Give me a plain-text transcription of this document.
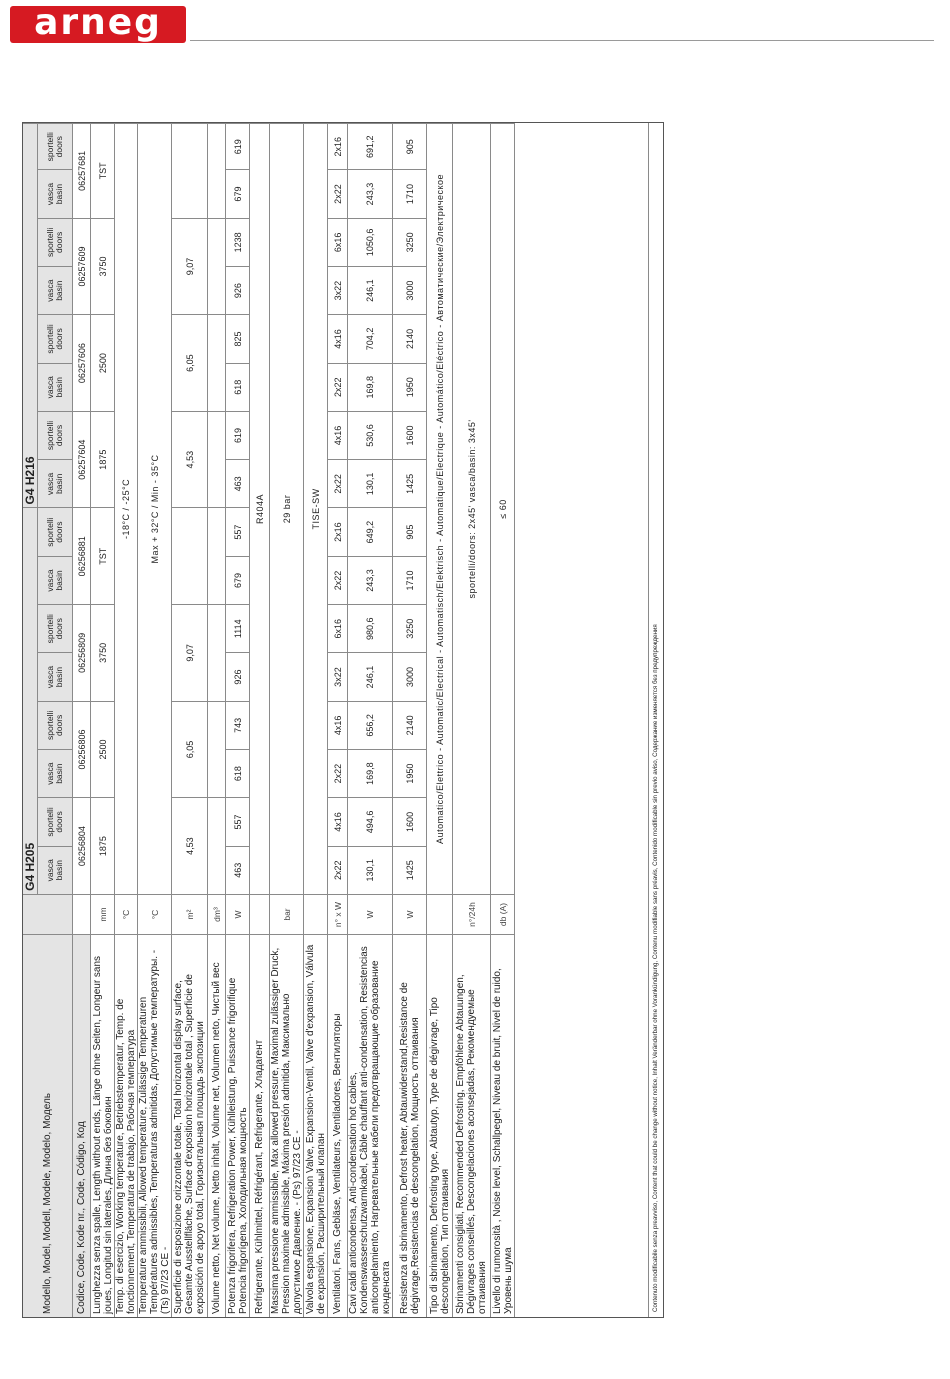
arneg
Modello, Model, Modell, Modele, Modelo, Модель		G4 H205								G4 H216							
		vasca basin	sportelli doors	vasca basin	sportelli doors	vasca basin	sportelli doors	vasca basin	sportelli doors	vasca basin	sportelli doors	vasca basin	sportelli doors	vasca basin	sportelli doors	vasca basin	sportelli doors
Codice, Code, Kode nr., Code, Código, Код		06256804		06256806		06256809		06256881		06257604		06257606		06257609		06257681	
Lunghezza senza spalle, Length without ends, Länge ohne Seiten, Longeur sans joues, Longitud sin laterales, Длина без боковин	mm	1875		2500		3750		TST		1875		2500		3750		TST	
Temp. di esercizio, Working temperature, Betriebstemperatur, Temp. de fonctionnement, Temperatura de trabajo, Рабочая температура	°C	-18°C / -25°C															
Temperature ammissibili, Allowed temperature, Zulässige Temperaturen Températures admissibles, Temperaturas admitidas, Допустимые температуры. - (Ts) 97/23 CE -	°C	Max + 32°C / Min - 35°C															
Superficie di esposizione orizzontale totale, Total horizontal display surface, Gesamte Ausstellfläche, Surface d'exposition horizontale total , Superficie de exposición de apoyo total, Горизонтальная площадь экспозиции	m²	4,53		6,05		9,07				4,53		6,05		9,07			
Volume netto, Net volume, Netto inhalt, Volume net, Volumen neto, Чистый вес	dm³																
Potenza frigorifera, Refrigeration Power, Kühlleistung, Puissance frigorifique Potencia frigorígena, Холодильная мощность	W	463	557	618	743	926	1114	679	557	463	619	618	825	926	1238	679	619
Refrigerante, Kühlmittel, Réfrigérant, Refrigerante, Хладагент		R404A															
Massima pressione ammissibile, Max allowed pressure, Maximal zulässiger Druck, Pression maximale admissible, Máxima presión admitida, Максимально допустимое Давление. - (Ps) 97/23 CE -	bar	29 bar															
Valvola espansione, Expansion Valve, Expansion-Ventil, Valve d'expansion, Válvula de expansión, Расширительный клапан		TISE-SW															
Ventilatori, Fans, Gebläse, Ventilateurs, Ventiladores, Вентиляторы	n° x W	2x22	4x16	2x22	4x16	3x22	6x16	2x22	2x16	2x22	4x16	2x22	4x16	3x22	6x16	2x22	2x16
Cavi caldi anticondensa, Anti-condensation hot cables, Kondenswasserschutzwarmkabel, Câble chauffant anti-condensation, Resistencias anticongelamiento, Нагревательные кабели предотвращающие образование конденсата	W	130,1	494,6	169,8	656,2	246,1	980,6	243,3	649,2	130,1	530,6	169,8	704,2	246,1	1050,6	243,3	691,2
Resistenza di sbrinamento, Defrost heater, Abtauwiderstand,Resistance de dégivrage,Resistencias de descongelation, Мощность оттаивания	W	1425	1600	1950	2140	3000	3250	1710	905	1425	1600	1950	2140	3000	3250	1710	905
Tipo di sbrinamento, Defrosting type, Abtautyp, Type de dégivrage, Tipo descongelation, Тип оттаивания		Automatico/Elettrico - Automatic/Electrical - Automatisch/Elektrisch - Automatique/Electrique - Automático/Eléctrico - Автоматические/Электрическое															
Sbrinamenti consigliati, Recommended Defrosting, Empföhlene Abtauungen, Dégivrages conseillés, Descongelaciones aconsejadas, Рекомендуемые оттаивания	n°/24h	sportelli/doors: 2x45' vasca/basin: 3x45'															
Livello di rumorosità , Noise level, Schallpegel, Niveau de bruit, Nivel de ruido, Уровень шума	db (A)	≤ 60															
Contenuto modificabile senza preavviso, Content that could be change without notice, Inhalt Veränderbar ohne Vorankündigung, Contenu modifiable sans préavis, Contenido modificable sin previo aviso, Содержание изменяется без предупреждения
